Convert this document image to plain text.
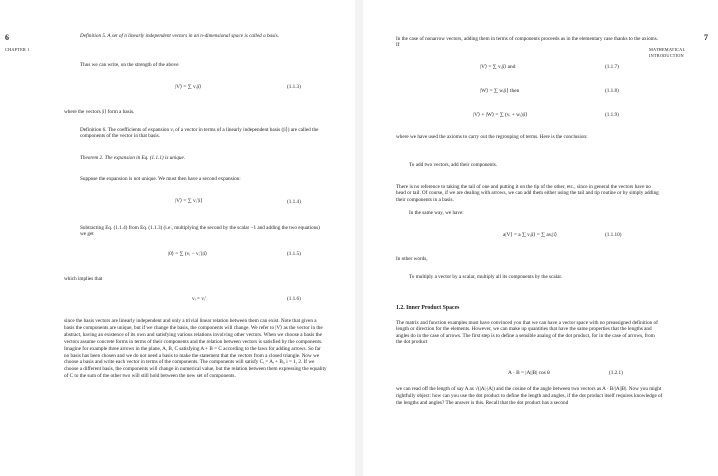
6
CHAPTER 1
Definition 5. A set of n linearly independent vectors in an n-dimensional space is called a basis.
Thus we can write, on the strength of the above
|V⟩ = ∑ vᵢ|i⟩	(1.1.3)
where the vectors |i⟩ form a basis.
Definition 6. The coefficients of expansion vᵢ of a vector in terms of a linearly independent basis (|i⟩) are called the components of the vector in that basis.
Theorem 2. The expansion in Eq. (1.1.1) is unique.
Suppose the expansion is not unique. We must then have a second expansion:
|V⟩ = ∑ vᵢ′|i⟩	(1.1.4)
Subtracting Eq. (1.1.4) from Eq. (1.1.3) (i.e., multiplying the second by the scalar −1 and adding the two equations) we get
|0⟩ = ∑ (vᵢ − vᵢ′)|i⟩	(1.1.5)
which implies that
vᵢ = vᵢ′	(1.1.6)
since the basis vectors are linearly independent and only a trivial linear relation between them can exist. Note that given a basis the components are unique, but if we change the basis, the components will change. We refer to |V⟩ as the vector in the abstract, having an existence of its own and satisfying various relations involving other vectors. When we choose a basis the vectors assume concrete forms in terms of their components and the relation between vectors is satisfied by the components. Imagine for example three arrows in the plane, A, B, C satisfying A + B = C according to the laws for adding arrows. So far no basis has been chosen and we do not need a basis to make the statement that the vectors from a closed triangle. Now we choose a basis and write each vector in terms of the components. The components will satisfy Cᵢ = Aᵢ + Bᵢ, i = 1, 2. If we choose a different basis, the components will change in numerical value, but the relation between them expressing the equality of C to the sum of the other two will still hold between the new set of components.
In the case of nonarrow vectors, adding them in terms of components proceeds as in the elementary case thanks to the axioms. If
7
MATHEMATICAL
INTRODUCTION
|V⟩ = ∑ vᵢ|i⟩ and	(1.1.7)
|W⟩ = ∑ wᵢ|i⟩ then	(1.1.8)
|V⟩ + |W⟩ = ∑ (vᵢ + wᵢ)|i⟩	(1.1.9)
where we have used the axioms to carry out the regrouping of terms. Here is the conclusion:
To add two vectors, add their components.
There is no reference to taking the tail of one and putting it on the tip of the other, etc., since in general the vectors have no head or tail. Of course, if we are dealing with arrows, we can add them either using the tail and tip routine or by simply adding their components in a basis.
In the same way, we have:
a|V⟩ = a ∑ vᵢ|i⟩ = ∑ avᵢ|i⟩	(1.1.10)
In other words,
To multiply a vector by a scalar, multiply all its components by the scalar.
1.2. Inner Product Spaces
The matrix and function examples must have convinced you that we can have a vector space with no preassigned definition of length or direction for the elements. However, we can make up quantities that have the same properties that the lengths and angles do in the case of arrows. The first step is to define a sensible analog of the dot product, for in the case of arrows, from the dot product
A · B = |A||B| cos θ	(1.2.1)
we can read off the length of say A as √(|A|·|A|) and the cosine of the angle between two vectors as A · B/|A||B|. Now you might rightfully object: how can you use the dot product to define the length and angles, if the dot product itself requires knowledge of the lengths and angles? The answer is this. Recall that the dot product has a second
